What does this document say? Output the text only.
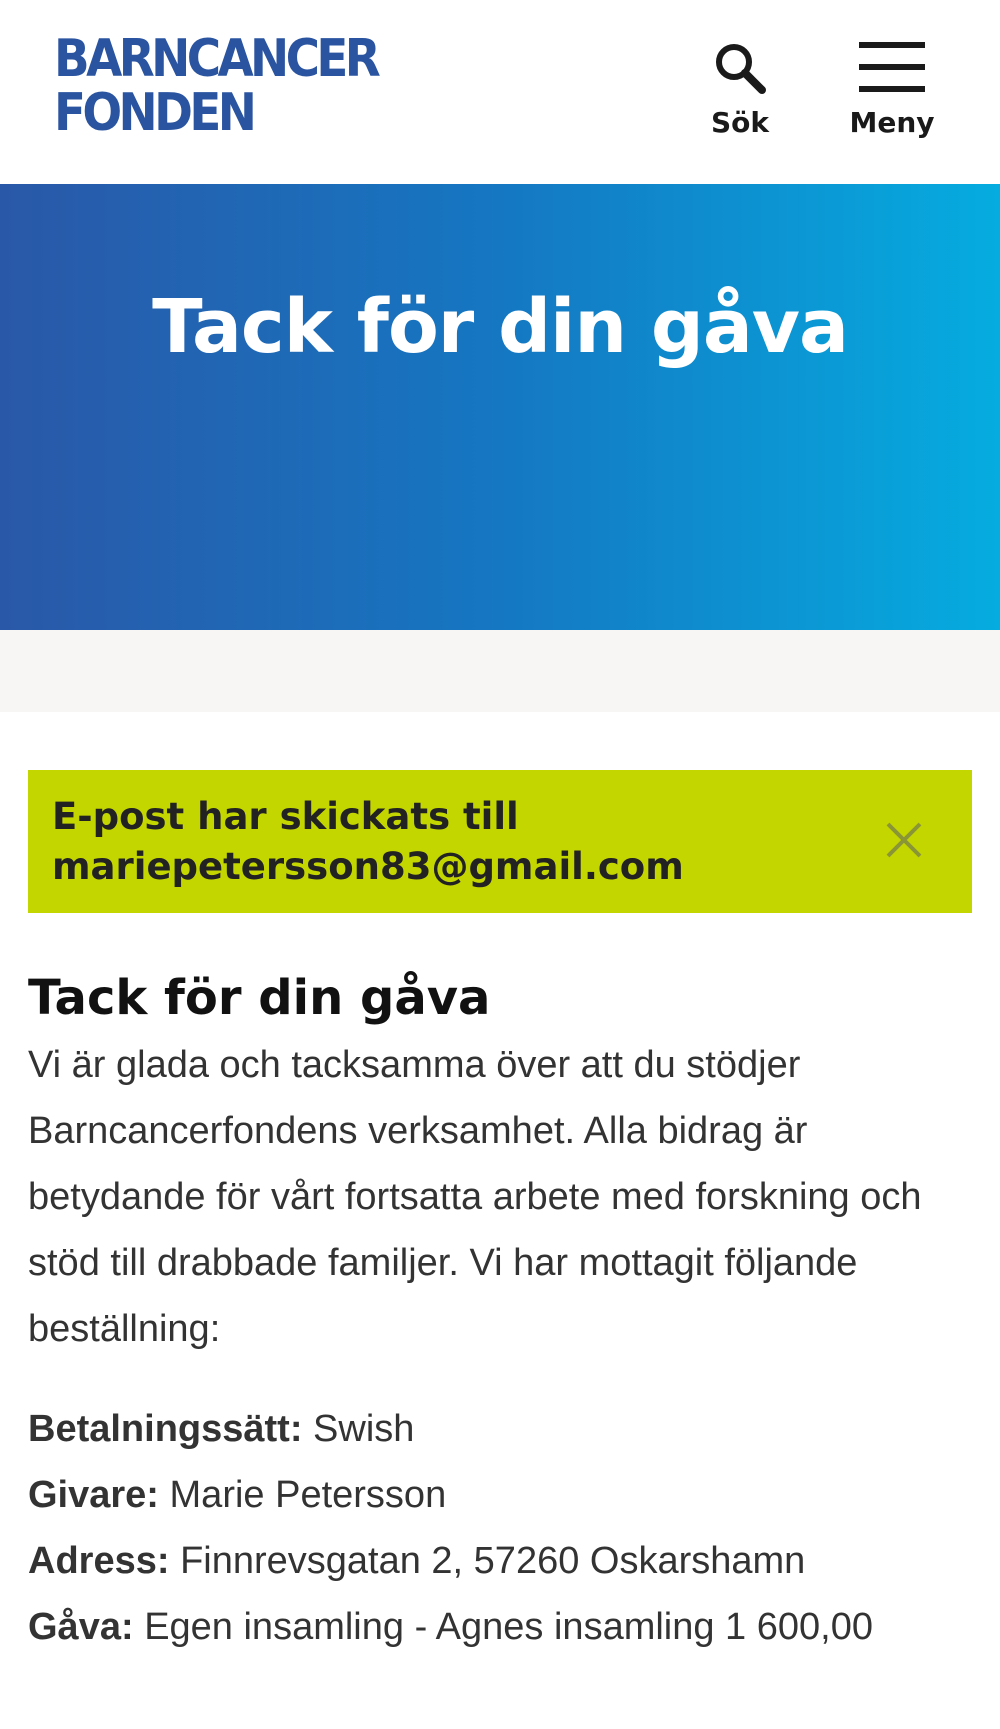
BARNCANCER
FONDEN	Sök	Meny
Tack för din gåva
E-post har skickats till
mariepetersson83@gmail.com
Tack för din gåva

Vi är glada och tacksamma över att du stödjer Barncancerfondens verksamhet. Alla bidrag är betydande för vårt fortsatta arbete med forskning och stöd till drabbade familjer. Vi har mottagit följande beställning:

Betalningssätt: Swish
Givare: Marie Petersson
Adress: Finnrevsgatan 2, 57260 Oskarshamn
Gåva: Egen insamling - Agnes insamling 1 600,00
